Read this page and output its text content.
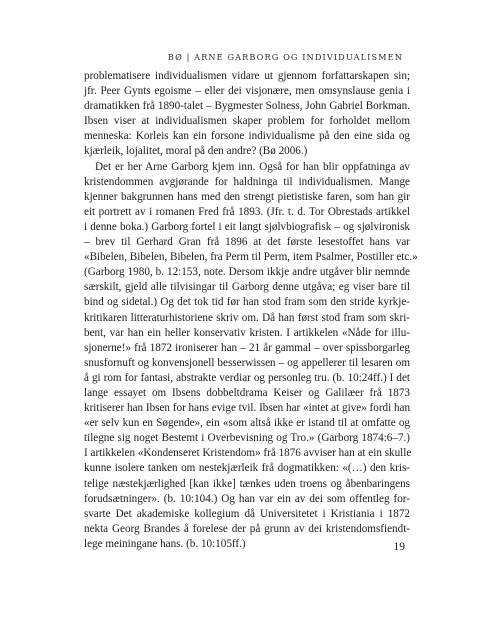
BØ | ARNE GARBORG OG INDIVIDUALISMEN
problematisere individualismen vidare ut gjennom forfattarskapen sin;
jfr. Peer Gynts egoisme – eller dei visjonære, men omsynslause genia i
dramatikken frå 1890-talet – Bygmester Solness, John Gabriel Borkman.
Ibsen viser at individualismen skaper problem for forholdet mellom
menneska: Korleis kan ein forsone individualisme på den eine sida og
kjærleik, lojalitet, moral på den andre? (Bø 2006.)
Det er her Arne Garborg kjem inn. Også for han blir oppfatninga av
kristendommen avgjørande for haldninga til individualismen. Mange
kjenner bakgrunnen hans med den strengt pietistiske faren, som han gir
eit portrett av i romanen Fred frå 1893. (Jfr. t. d. Tor Obrestads artikkel
i denne boka.) Garborg fortel i eit langt sjølvbiografisk – og sjølvironisk
– brev til Gerhard Gran frå 1896 at det første lesestoffet hans var
«Bibelen, Bibelen, Bibelen, fra Perm til Perm, item Psalmer, Postiller etc.»
(Garborg 1980, b. 12:153, note. Dersom ikkje andre utgåver blir nemnde
særskilt, gjeld alle tilvisingar til Garborg denne utgåva; eg viser bare til
bind og sidetal.) Og det tok tid før han stod fram som den stride kyrkje-
kritikaren litteraturhistoriene skriv om. Då han først stod fram som skri-
bent, var han ein heller konservativ kristen. I artikkelen «Nåde for illu-
sjonerne!» frå 1872 ironiserer han – 21 år gammal – over spissborgarleg
snusfornuft og konvensjonell besserwissen – og appellerer til lesaren om
å gi rom for fantasi, abstrakte verdiar og personleg tru. (b. 10:24ff.) I det
lange essayet om Ibsens dobbeltdrama Keiser og Galilæer frå 1873
kritiserer han Ibsen for hans evige tvil. Ibsen har «intet at give» fordi han
«er selv kun en Søgende», ein «som altså ikke er istand til at omfatte og
tilegne sig noget Bestemt i Overbevisning og Tro.» (Garborg 1874:6–7.)
I artikkelen «Kondenseret Kristendom» frå 1876 avviser han at ein skulle
kunne isolere tanken om nestekjærleik frå dogmatikken: «(…) den kris-
telige næstekjærlighed [kan ikke] tænkes uden troens og åbenbaringens
forudsætninger». (b. 10:104.) Og han var ein av dei som offentleg for-
svarte Det akademiske kollegium då Universitetet i Kristiania i 1872
nekta Georg Brandes å forelese der på grunn av dei kristendomsfiendt-
lege meiningane hans. (b. 10:105ff.)	19
